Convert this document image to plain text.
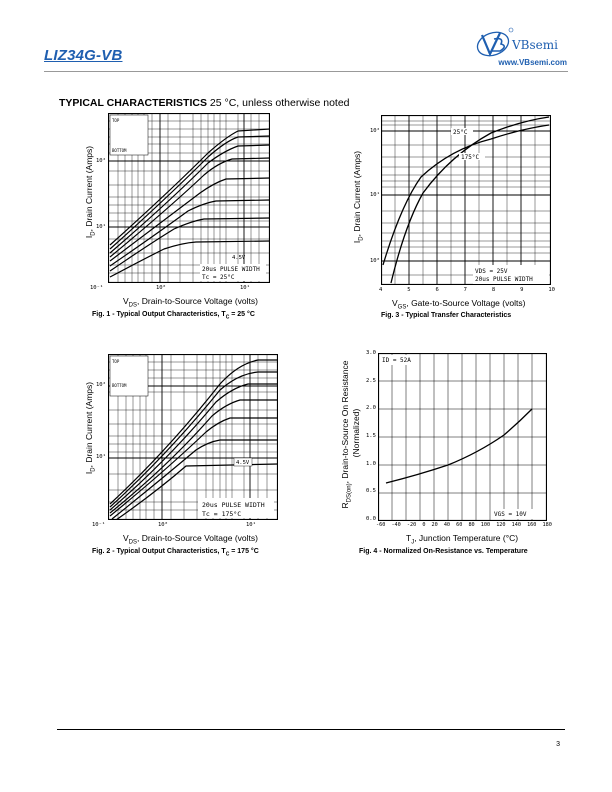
LIZ34G-VB
VBsemi
www.VBsemi.com
TYPICAL CHARACTERISTICS 25 °C, unless otherwise noted
TOP
BOTTOM
4.5V
20us PULSE WIDTH
Tc = 25°C
10⁻¹	10⁰	10¹
10²
10¹
$I_D$, Drain Current (Amps)
$V_{DS}$, Drain-to-Source Voltage (volts)
Fig. 1 - Typical Output Characteristics, $T_C = 25$ °C
25°C
175°C
VDS = 25V
20us PULSE WIDTH
4	5	6	7	8	9	10
10²
10¹
10⁰
$I_D$, Drain Current (Amps)
$V_{GS}$, Gate-to-Source Voltage (volts)
Fig. 3 - Typical Transfer Characteristics
TOP
BOTTOM
4.5V
20us PULSE WIDTH
Tc = 175°C
10⁻¹	10⁰	10¹
10²
10¹
$I_D$, Drain Current (Amps)
$V_{DS}$, Drain-to-Source Voltage (volts)
Fig. 2 - Typical Output Characteristics, $T_C = 175$ °C
ID = 52A
VGS = 10V
-60 -40 -20 0 20 40 60 80 100 120 140 160 180
3.0
2.5
2.0
1.5
1.0
0.5
0.0
$R_{DS(on)}$, Drain-to-Source On Resistance (Normalized)
$T_J$, Junction Temperature (°C)
Fig. 4 - Normalized On-Resistance vs. Temperature
3
